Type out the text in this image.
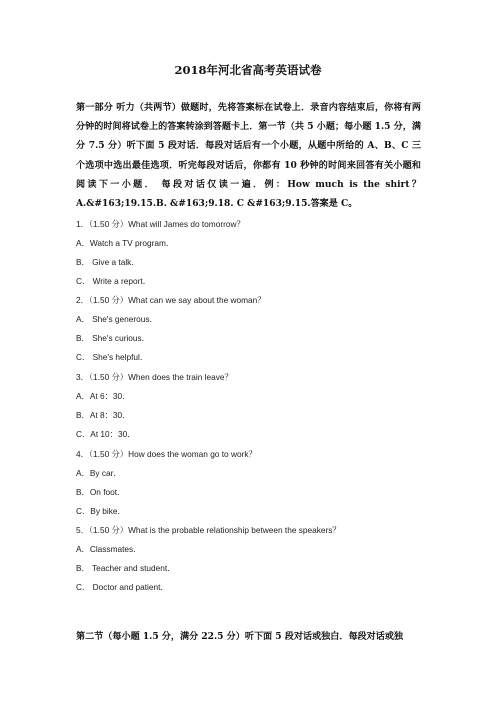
2018年河北省高考英语试卷
第一部分 听力（共两节）做题时，先将答案标在试卷上．录音内容结束后，你将有两分钟的时间将试卷上的答案转涂到答题卡上．第一节（共 5 小题；每小题 1.5 分，满分 7.5 分）听下面 5 段对话．每段对话后有一个小题，从题中所给的 A、B、C 三个选项中选出最佳选项．听完每段对话后，你都有 10 秒钟的时间来回答有关小题和阅读下一小题． 每段对话仅读一遍．例：How much is the shirt？A.&#163;19.15.B. &#163;9.18. C &#163;9.15.答案是 C。
1．（1.50 分）What will James do tomorrow？
A．Watch a TV program．
B． Give a talk．
C． Write a report．
2．（1.50 分）What can we say about the woman？
A． She's generous．
B． She's curious．
C． She's helpful．
3．（1.50 分）When does the train leave？
A．At 6：30．
B．At 8：30．
C．At 10：30．
4．（1.50 分）How does the woman go to work？
A．By car．
B．On foot．
C．By bike．
5．（1.50 分）What is the probable relationship between the speakers？
A．Classmates．
B． Teacher and student．
C． Doctor and patient．
第二节（每小题 1.5 分，满分 22.5 分）听下面 5 段对话或独白．每段对话或独
